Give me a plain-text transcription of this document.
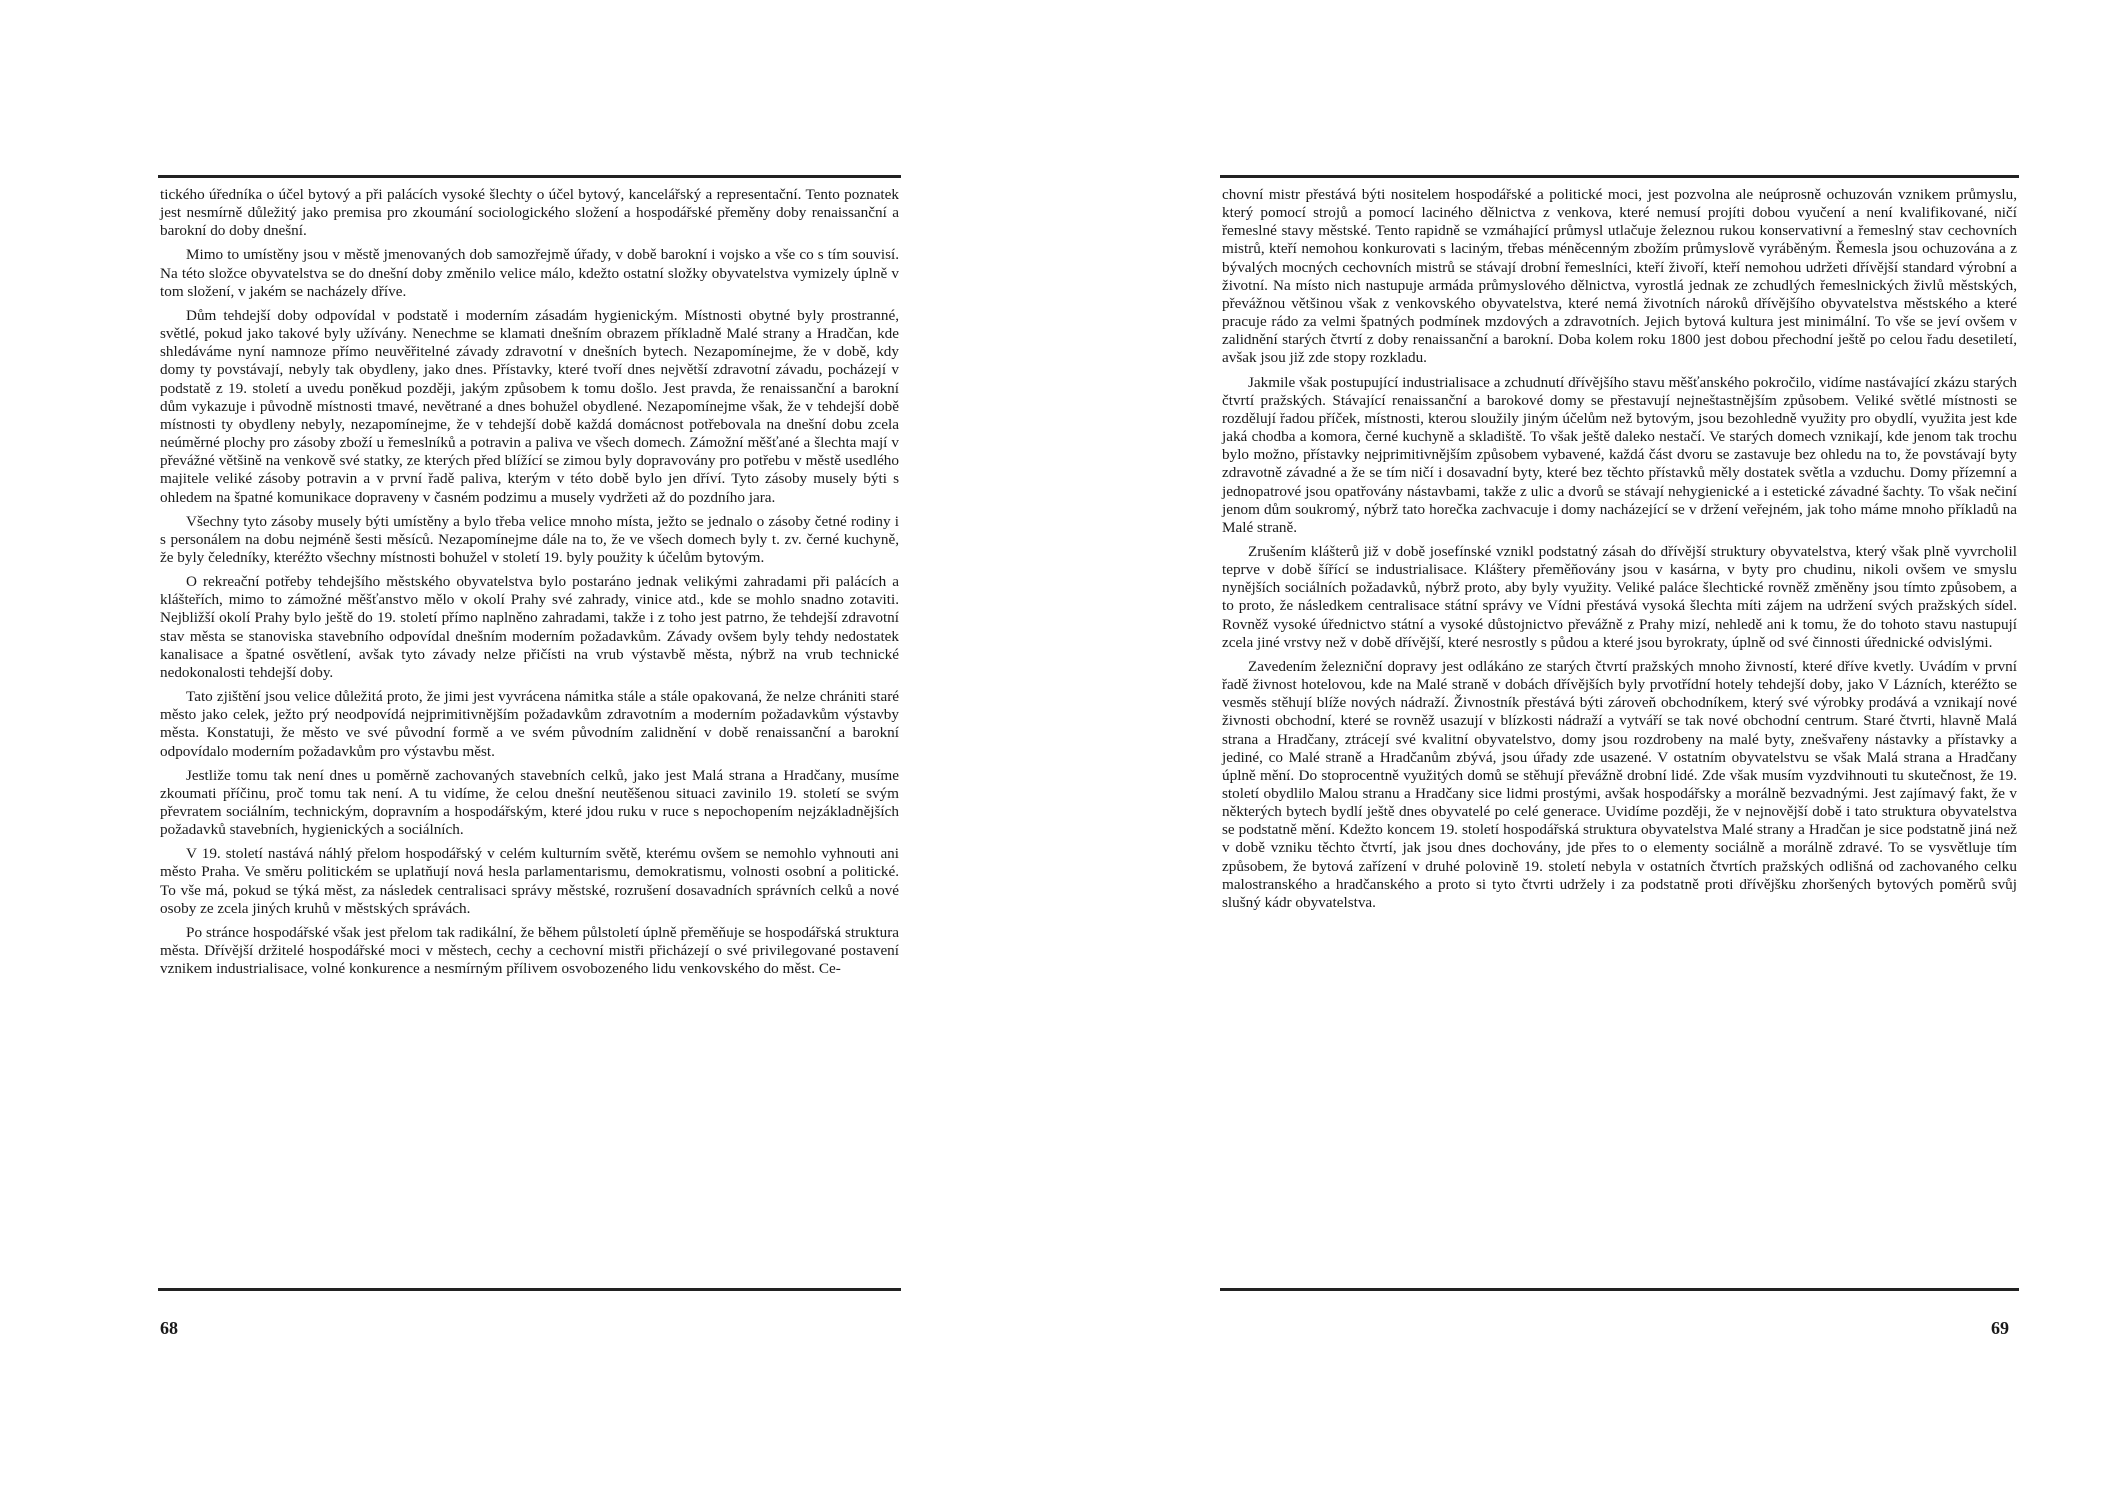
tického úředníka o účel bytový a při palácích vysoké šlechty o účel bytový, kancelářský a representační. Tento poznatek jest nesmírně důležitý jako premisa pro zkoumání sociologického složení a hospodářské přeměny doby renaissanční a barokní do doby dnešní.

Mimo to umístěny jsou v městě jmenovaných dob samozřejmě úřady, v době barokní i vojsko a vše co s tím souvisí. Na této složce obyvatelstva se do dnešní doby změnilo velice málo, kdežto ostatní složky obyvatelstva vymizely úplně v tom složení, v jakém se nacházely dříve.

Dům tehdejší doby odpovídal v podstatě i moderním zásadám hygienickým. Místnosti obytné byly prostranné, světlé, pokud jako takové byly užívány. Nenechme se klamati dnešním obrazem příkladně Malé strany a Hradčan, kde shledáváme nyní namnoze přímo neuvěřitelné závady zdravotní v dnešních bytech. Nezapomínejme, že v době, kdy domy ty povstávají, nebyly tak obydleny, jako dnes. Přístavky, které tvoří dnes největší zdravotní závadu, pocházejí v podstatě z 19. století a uvedu poněkud později, jakým způsobem k tomu došlo. Jest pravda, že renaissanční a barokní dům vykazuje i původně místnosti tmavé, nevětrané a dnes bohužel obydlené. Nezapomínejme však, že v tehdejší době místnosti ty obydleny nebyly, nezapomínejme, že v tehdejší době každá domácnost potřebovala na dnešní dobu zcela neúměrné plochy pro zásoby zboží u řemeslníků a potravin a paliva ve všech domech. Zámožní měšťané a šlechta mají v převážné většině na venkově své statky, ze kterých před blížící se zimou byly dopravovány pro potřebu v městě usedlého majitele veliké zásoby potravin a v první řadě paliva, kterým v této době bylo jen dříví. Tyto zásoby musely býti s ohledem na špatné komunikace dopraveny v časném podzimu a musely vydržeti až do pozdního jara.

Všechny tyto zásoby musely býti umístěny a bylo třeba velice mnoho místa, ježto se jednalo o zásoby četné rodiny i s personálem na dobu nejméně šesti měsíců. Nezapomínejme dále na to, že ve všech domech byly t. zv. černé kuchyně, že byly čeledníky, kteréžto všechny místnosti bohužel v století 19. byly použity k účelům bytovým.

O rekreační potřeby tehdejšího městského obyvatelstva bylo postaráno jednak velikými zahradami při palácích a klášteřích, mimo to zámožné měšťanstvo mělo v okolí Prahy své zahrady, vinice atd., kde se mohlo snadno zotaviti. Nejbližší okolí Prahy bylo ještě do 19. století přímo naplněno zahradami, takže i z toho jest patrno, že tehdejší zdravotní stav města se stanoviska stavebního odpovídal dnešním moderním požadavkům. Závady ovšem byly tehdy nedostatek kanalisace a špatné osvětlení, avšak tyto závady nelze přičísti na vrub výstavbě města, nýbrž na vrub technické nedokonalosti tehdejší doby.

Tato zjištění jsou velice důležitá proto, že jimi jest vyvrácena námitka stále a stále opakovaná, že nelze chrániti staré město jako celek, ježto prý neodpovídá nejprimitivnějším požadavkům zdravotním a moderním požadavkům výstavby města. Konstatuji, že město ve své původní formě a ve svém původním zalidnění v době renaissanční a barokní odpovídalo moderním požadavkům pro výstavbu měst.

Jestliže tomu tak není dnes u poměrně zachovaných stavebních celků, jako jest Malá strana a Hradčany, musíme zkoumati příčinu, proč tomu tak není. A tu vidíme, že celou dnešní neutěšenou situaci zavinilo 19. století se svým převratem sociálním, technickým, dopravním a hospodářským, které jdou ruku v ruce s nepochopením nejzákladnějších požadavků stavebních, hygienických a sociálních.

V 19. století nastává náhlý přelom hospodářský v celém kulturním světě, kterému ovšem se nemohlo vyhnouti ani město Praha. Ve směru politickém se uplatňují nová hesla parlamentarismu, demokratismu, volnosti osobní a politické. To vše má, pokud se týká měst, za následek centralisaci správy městské, rozrušení dosavadních správních celků a nové osoby ze zcela jiných kruhů v městských správách.

Po stránce hospodářské však jest přelom tak radikální, že během půlstoletí úplně přeměňuje se hospodářská struktura města. Dřívější držitelé hospodářské moci v městech, cechy a cechovní mistři přicházejí o své privilegované postavení vznikem industrialisace, volné konkurence a nesmírným přílivem osvobozeného lidu venkovského do měst. Ce-

68

chovní mistr přestává býti nositelem hospodářské a politické moci, jest pozvolna ale neúprosně ochuzován vznikem průmyslu, který pomocí strojů a pomocí laciného dělnictva z venkova, které nemusí projíti dobou vyučení a není kvalifikované, ničí řemeslné stavy městské. Tento rapidně se vzmáhající průmysl utlačuje železnou rukou konservativní a řemeslný stav cechovních mistrů, kteří nemohou konkurovati s laciným, třebas méněcenným zbožím průmyslově vyráběným. Řemesla jsou ochuzována a z bývalých mocných cechovních mistrů se stávají drobní řemeslníci, kteří živoří, kteří nemohou udržeti dřívější standard výrobní a životní. Na místo nich nastupuje armáda průmyslového dělnictva, vyrostlá jednak ze zchudlých řemeslnických živlů městských, převážnou většinou však z venkovského obyvatelstva, které nemá životních nároků dřívějšího obyvatelstva městského a které pracuje rádo za velmi špatných podmínek mzdových a zdravotních. Jejich bytová kultura jest minimální. To vše se jeví ovšem v zalidnění starých čtvrtí z doby renaissanční a barokní. Doba kolem roku 1800 jest dobou přechodní ještě po celou řadu desetiletí, avšak jsou již zde stopy rozkladu.

Jakmile však postupující industrialisace a zchudnutí dřívějšího stavu měšťanského pokročilo, vidíme nastávající zkázu starých čtvrtí pražských. Stávající renaissanční a barokové domy se přestavují nejneštastnějším způsobem. Veliké světlé místnosti se rozdělují řadou příček, místnosti, kterou sloužily jiným účelům než bytovým, jsou bezohledně využity pro obydlí, využita jest kde jaká chodba a komora, černé kuchyně a skladiště. To však ještě daleko nestačí. Ve starých domech vznikají, kde jenom tak trochu bylo možno, přístavky nejprimitivnějším způsobem vybavené, každá část dvoru se zastavuje bez ohledu na to, že povstávají byty zdravotně závadné a že se tím ničí i dosavadní byty, které bez těchto přístavků měly dostatek světla a vzduchu. Domy přízemní a jednopatrové jsou opatřovány nástavbami, takže z ulic a dvorů se stávají nehygienické a i estetické závadné šachty. To však nečiní jenom dům soukromý, nýbrž tato horečka zachvacuje i domy nacházející se v držení veřejném, jak toho máme mnoho příkladů na Malé straně.

Zrušením klášterů již v době josefínské vznikl podstatný zásah do dřívější struktury obyvatelstva, který však plně vyvrcholil teprve v době šířící se industrialisace. Kláštery přeměňovány jsou v kasárna, v byty pro chudinu, nikoli ovšem ve smyslu nynějších sociálních požadavků, nýbrž proto, aby byly využity. Veliké paláce šlechtické rovněž změněny jsou tímto způsobem, a to proto, že následkem centralisace státní správy ve Vídni přestává vysoká šlechta míti zájem na udržení svých pražských sídel. Rovněž vysoké úřednictvo státní a vysoké důstojnictvo převážně z Prahy mizí, nehledě ani k tomu, že do tohoto stavu nastupují zcela jiné vrstvy než v době dřívější, které nesrostly s půdou a které jsou byrokraty, úplně od své činnosti úřednické odvislými.

Zavedením železniční dopravy jest odlákáno ze starých čtvrtí pražských mnoho živností, které dříve kvetly. Uvádím v první řadě živnost hotelovou, kde na Malé straně v dobách dřívějších byly prvotřídní hotely tehdejší doby, jako V Lázních, kteréžto se vesměs stěhují blíže nových nádraží. Živnostník přestává býti zároveň obchodníkem, který své výrobky prodává a vznikají nové živnosti obchodní, které se rovněž usazují v blízkosti nádraží a vytváří se tak nové obchodní centrum. Staré čtvrti, hlavně Malá strana a Hradčany, ztrácejí své kvalitní obyvatelstvo, domy jsou rozdrobeny na malé byty, znešvařeny nástavky a přístavky a jediné, co Malé straně a Hradčanům zbývá, jsou úřady zde usazené. V ostatním obyvatelstvu se však Malá strana a Hradčany úplně mění. Do stoprocentně využitých domů se stěhují převážně drobní lidé. Zde však musím vyzdvihnouti tu skutečnost, že 19. století obydlilo Malou stranu a Hradčany sice lidmi prostými, avšak hospodářsky a morálně bezvadnými. Jest zajímavý fakt, že v některých bytech bydlí ještě dnes obyvatelé po celé generace. Uvidíme později, že v nejnovější době i tato struktura obyvatelstva se podstatně mění. Kdežto koncem 19. století hospodářská struktura obyvatelstva Malé strany a Hradčan je sice podstatně jiná než v době vzniku těchto čtvrtí, jak jsou dnes dochovány, jde přes to o elementy sociálně a morálně zdravé. To se vysvětluje tím způsobem, že bytová zařízení v druhé polovině 19. století nebyla v ostatních čtvrtích pražských odlišná od zachovaného celku malostranského a hradčanského a proto si tyto čtvrti udržely i za podstatně proti dřívějšku zhoršených bytových poměrů svůj slušný kádr obyvatelstva.

69
